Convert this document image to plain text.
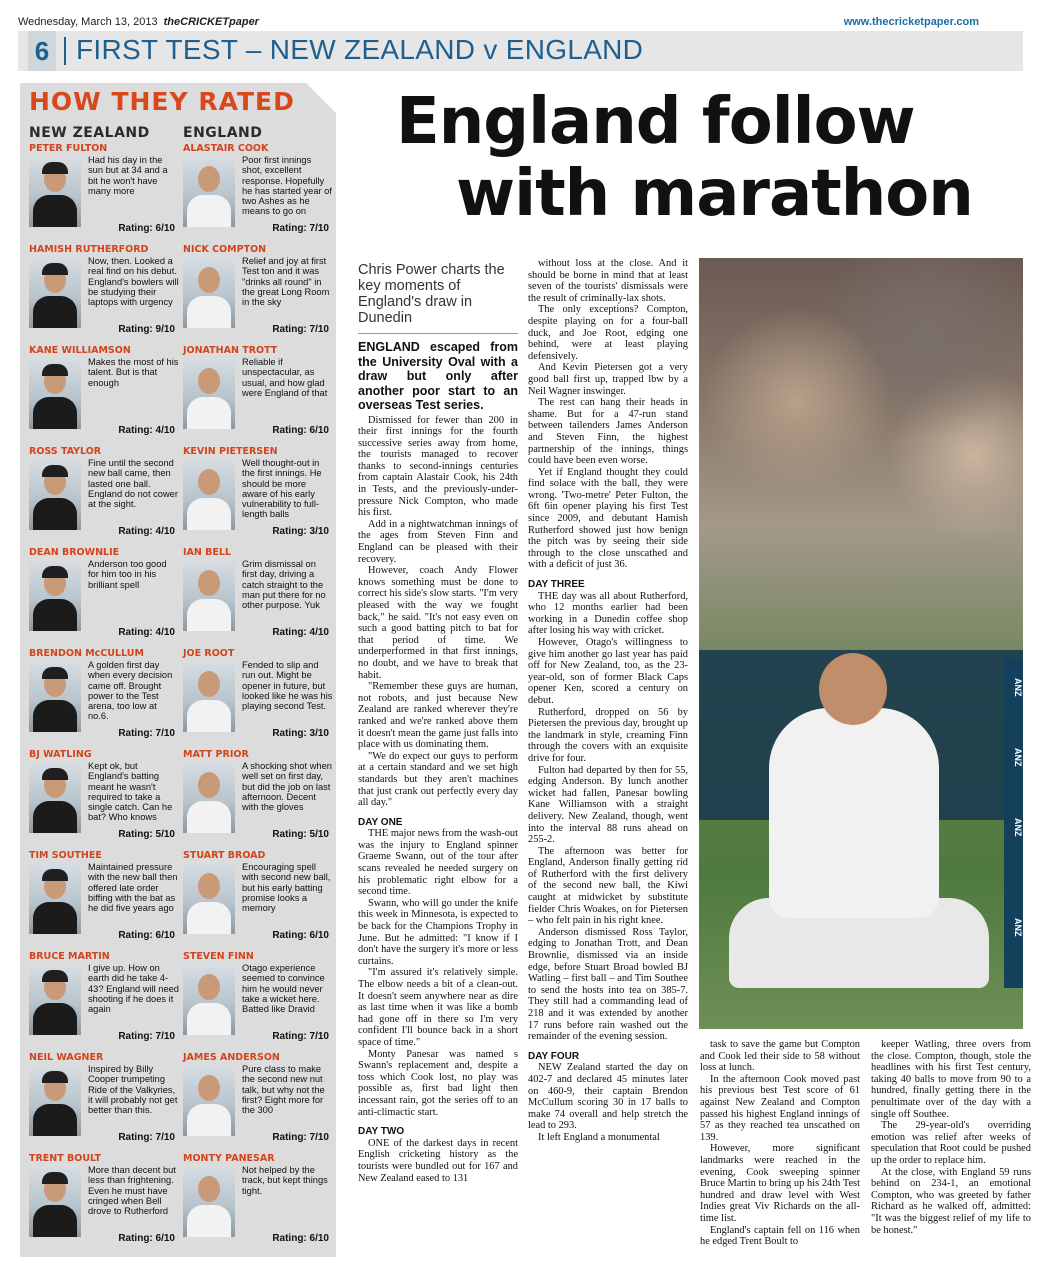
Wednesday, March 13, 2013 theCRICKETpaper	www.thecricketpaper.com
6 FIRST TEST – NEW ZEALAND v ENGLAND
HOW THEY RATED
NEW ZEALAND ENGLAND
PETER FULTON
Had his day in the sun but at 34 and a bit he won't have many more
Rating: 6/10
HAMISH RUTHERFORD
Now, then. Looked a real find on his debut. England's bowlers will be studying their laptops with urgency
Rating: 9/10
KANE WILLIAMSON
Makes the most of his talent. But is that enough
Rating: 4/10
ROSS TAYLOR
Fine until the second new ball came, then lasted one ball. England do not cower at the sight.
Rating: 4/10
DEAN BROWNLIE
Anderson too good for him too in his brilliant spell
Rating: 4/10
BRENDON McCULLUM
A golden first day when every decision came off. Brought power to the Test arena, too low at no.6.
Rating: 7/10
BJ WATLING
Kept ok, but England's batting meant he wasn't required to take a single catch. Can he bat? Who knows
Rating: 5/10
TIM SOUTHEE
Maintained pressure with the new ball then offered late order biffing with the bat as he did five years ago
Rating: 6/10
BRUCE MARTIN
I give up. How on earth did he take 4-43? England will need shooting if he does it again
Rating: 7/10
NEIL WAGNER
Inspired by Billy Cooper trumpeting Ride of the Valkyries, it will probably not get better than this.
Rating: 7/10
TRENT BOULT
More than decent but less than frightening. Even he must have cringed when Bell drove to Rutherford
Rating: 6/10
ALASTAIR COOK
Poor first innings shot, excellent response. Hopefully he has started year of two Ashes as he means to go on
Rating: 7/10
NICK COMPTON
Relief and joy at first Test ton and it was "drinks all round" in the great Long Room in the sky
Rating: 7/10
JONATHAN TROTT
Reliable if unspectacular, as usual, and how glad were England of that
Rating: 6/10
KEVIN PIETERSEN
Well thought-out in the first innings. He should be more aware of his early vulnerability to full-length balls
Rating: 3/10
IAN BELL
Grim dismissal on first day, driving a catch straight to the man put there for no other purpose. Yuk
Rating: 4/10
JOE ROOT
Fended to slip and run out. Might be opener in future, but looked like he was his playing second Test.
Rating: 3/10
MATT PRIOR
A shocking shot when well set on first day, but did the job on last afternoon. Decent with the gloves
Rating: 5/10
STUART BROAD
Encouraging spell with second new ball, but his early batting promise looks a memory
Rating: 6/10
STEVEN FINN
Otago experience seemed to convince him he would never take a wicket here. Batted like Dravid
Rating: 7/10
JAMES ANDERSON
Pure class to make the second new nut talk, but why not the first? Eight more for the 300
Rating: 7/10
MONTY PANESAR
Not helped by the track, but kept things tight.
Rating: 6/10
England follow
with marathon
Chris Power charts the key moments of England's draw in Dunedin

ENGLAND escaped from the University Oval with a draw but only after another poor start to an overseas Test series.

Dismissed for fewer than 200 in their first innings for the fourth successive series away from home, the tourists managed to recover thanks to second-innings centuries from captain Alastair Cook, his 24th in Tests, and the previously-under-pressure Nick Compton, who made his first.

Add in a nightwatchman innings of the ages from Steven Finn and England can be pleased with their recovery.

However, coach Andy Flower knows something must be done to correct his side's slow starts. "I'm very pleased with the way we fought back," he said. "It's not easy even on such a good batting pitch to bat for that period of time. We underperformed in that first innings, no doubt, and we have to break that habit.

"Remember these guys are human, not robots, and just because New Zealand are ranked wherever they're ranked and we're ranked above them it doesn't mean the game just falls into place with us dominating them.

"We do expect our guys to perform at a certain standard and we set high standards but they aren't machines that just crank out perfectly every day all day."

DAY ONE

THE major news from the wash-out was the injury to England spinner Graeme Swann, out of the tour after scans revealed he needed surgery on his problematic right elbow for a second time.

Swann, who will go under the knife this week in Minnesota, is expected to be back for the Champions Trophy in June. But he admitted: "I know if I don't have the surgery it's more or less curtains.

"I'm assured it's relatively simple. The elbow needs a bit of a clean-out. It doesn't seem anywhere near as dire as last time when it was like a bomb had gone off in there so I'm very confident I'll bounce back in a short space of time."

Monty Panesar was named s Swann's replacement and, despite a toss which Cook lost, no play was possible as, first bad light then incessant rain, got the series off to an anti-climactic start.

DAY TWO

ONE of the darkest days in recent English cricketing history as the tourists were bundled out for 167 and New Zealand eased to 131

without loss at the close. And it should be borne in mind that at least seven of the tourists' dismissals were the result of criminally-lax shots.

The only exceptions? Compton, despite playing on for a four-ball duck, and Joe Root, edging one behind, were at least playing defensively.

And Kevin Pietersen got a very good ball first up, trapped lbw by a Neil Wagner inswinger.

The rest can hang their heads in shame. But for a 47-run stand between tailenders James Anderson and Steven Finn, the highest partnership of the innings, things could have been even worse.

Yet if England thought they could find solace with the ball, they were wrong. 'Two-metre' Peter Fulton, the 6ft 6in opener playing his first Test since 2009, and debutant Hamish Rutherford showed just how benign the pitch was by seeing their side through to the close unscathed and with a deficit of just 36.

DAY THREE

THE day was all about Rutherford, who 12 months earlier had been working in a Dunedin coffee shop after losing his way with cricket.

However, Otago's willingness to give him another go last year has paid off for New Zealand, too, as the 23-year-old, son of former Black Caps opener Ken, scored a century on debut.

Rutherford, dropped on 56 by Pietersen the previous day, brought up the landmark in style, creaming Finn through the covers with an exquisite drive for four.

Fulton had departed by then for 55, edging Anderson. By lunch another wicket had fallen, Panesar bowling Kane Williamson with a straight delivery. New Zealand, though, went into the interval 88 runs ahead on 255-2.

The afternoon was better for England, Anderson finally getting rid of Rutherford with the first delivery of the second new ball, the Kiwi caught at midwicket by substitute fielder Chris Woakes, on for Pietersen – who felt pain in his right knee.

Anderson dismissed Ross Taylor, edging to Jonathan Trott, and Dean Brownlie, dismissed via an inside edge, before Stuart Broad bowled BJ Watling – first ball – and Tim Southee to send the hosts into tea on 385-7. They still had a commanding lead of 218 and it was extended by another 17 runs before rain washed out the remainder of the evening session.

DAY FOUR

NEW Zealand started the day on 402-7 and declared 45 minutes later on 460-9, their captain Brendon McCullum scoring 30 in 17 balls to make 74 overall and help stretch the lead to 293.

It left England a monumental

ANZ
ANZ
ANZ
ANZ

task to save the game but Compton and Cook led their side to 58 without loss at lunch.

In the afternoon Cook moved past his previous best Test score of 61 against New Zealand and Compton passed his highest England innings of 57 as they reached tea unscathed on 139.

However, more significant landmarks were reached in the evening, Cook sweeping spinner Bruce Martin to bring up his 24th Test hundred and draw level with West Indies great Viv Richards on the all-time list.

England's captain fell on 116 when he edged Trent Boult to

keeper Watling, three overs from the close. Compton, though, stole the headlines with his first Test century, taking 40 balls to move from 90 to a hundred, finally getting there in the penultimate over of the day with a single off Southee.

The 29-year-old's overriding emotion was relief after weeks of speculation that Root could be pushed up the order to replace him.

At the close, with England 59 runs behind on 234-1, an emotional Compton, who was greeted by father Richard as he walked off, admitted: "It was the biggest relief of my life to be honest."
